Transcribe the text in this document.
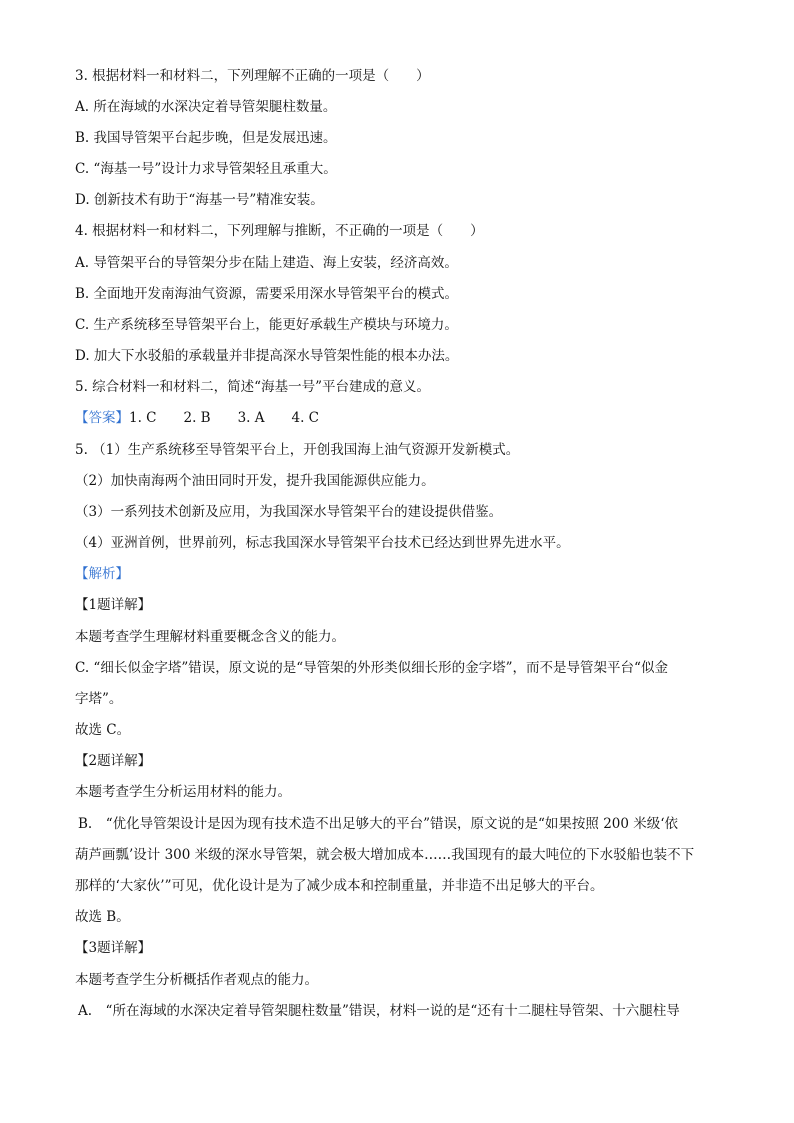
3. 根据材料一和材料二，下列理解不正确的一项是（　　）
A. 所在海域的水深决定着导管架腿柱数量。
B. 我国导管架平台起步晚，但是发展迅速。
C. “海基一号”设计力求导管架轻且承重大。
D. 创新技术有助于“海基一号”精准安装。
4. 根据材料一和材料二，下列理解与推断，不正确的一项是（　　）
A. 导管架平台的导管架分步在陆上建造、海上安装，经济高效。
B. 全面地开发南海油气资源，需要采用深水导管架平台的模式。
C. 生产系统移至导管架平台上，能更好承载生产模块与环境力。
D. 加大下水驳船的承载量并非提高深水导管架性能的根本办法。
5. 综合材料一和材料二，简述“海基一号”平台建成的意义。
【答案】1. C　　2. B　　3. A　　4. C
5. （1）生产系统移至导管架平台上，开创我国海上油气资源开发新模式。
（2）加快南海两个油田同时开发，提升我国能源供应能力。
（3）一系列技术创新及应用，为我国深水导管架平台的建设提供借鉴。
（4）亚洲首例，世界前列，标志我国深水导管架平台技术已经达到世界先进水平。
【解析】
【1题详解】
本题考查学生理解材料重要概念含义的能力。
C. “细长似金字塔”错误，原文说的是“导管架的外形类似细长形的金字塔”，而不是导管架平台“似金
字塔”。
故选 C。
【2题详解】
本题考查学生分析运用材料的能力。
B.　“优化导管架设计是因为现有技术造不出足够大的平台”错误，原文说的是“如果按照 200 米级‘依
葫芦画瓢’设计 300 米级的深水导管架，就会极大增加成本……我国现有的最大吨位的下水驳船也装不下
那样的‘大家伙’”可见，优化设计是为了减少成本和控制重量，并非造不出足够大的平台。
故选 B。
【3题详解】
本题考查学生分析概括作者观点的能力。
A.　“所在海域的水深决定着导管架腿柱数量”错误，材料一说的是“还有十二腿柱导管架、十六腿柱导
